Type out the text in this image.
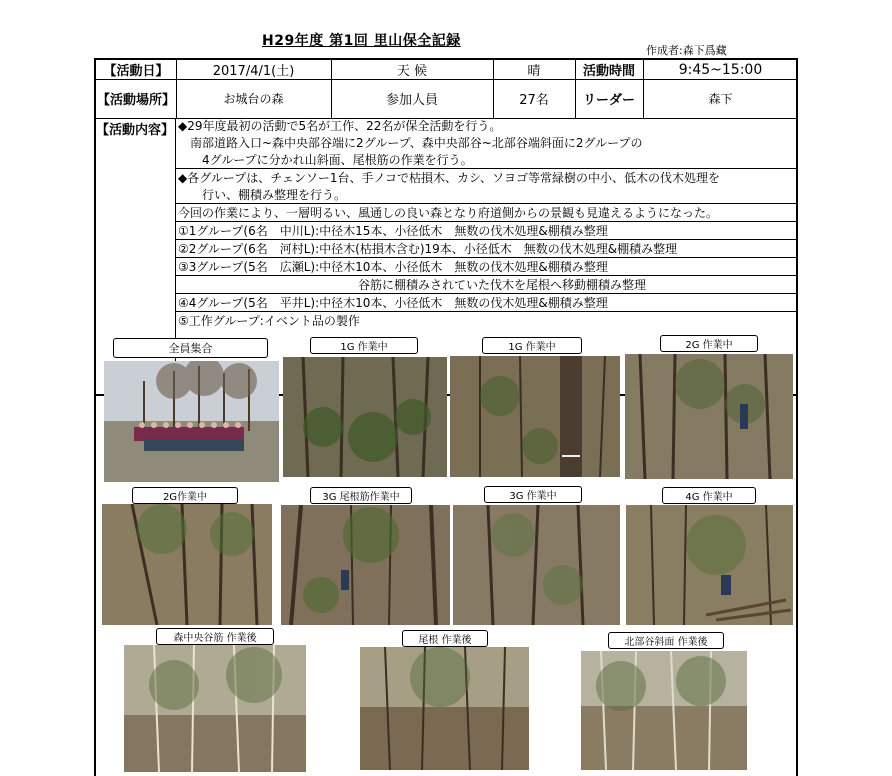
H29年度 第1回 里山保全記録
作成者:森下爲藏
【活動日】	2017/4/1(土)	天 候	晴	活動時間	9:45~15:00
【活動場所】	お城台の森	参加人員	27名	リーダー	森下
【活動内容】 ◆29年度最初の活動で5名が工作、22名が保全活動を行う。
　南部道路入口~森中央部谷端に2グループ、森中央部谷~北部谷端斜面に2グループの
　　4グループに分かれ山斜面、尾根筋の作業を行う。
◆各グループは、チェンソー1台、手ノコで枯損木、カシ、ソヨゴ等常緑樹の中小、低木の伐木処理を
　　行い、棚積み整理を行う。
今回の作業により、一層明るい、風通しの良い森となり府道側からの景観も見違えるようになった。
①1グループ(6名　中川L):中径木15本、小径低木　無数の伐木処理&棚積み整理
②2グループ(6名　河村L):中径木(枯損木含む)19本、小径低木　無数の伐木処理&棚積み整理
③3グループ(5名　広瀬L):中径木10本、小径低木　無数の伐木処理&棚積み整理
　　　　　　　　　　　　　　　谷筋に棚積みされていた伐木を尾根へ移動棚積み整理
④4グループ(5名　平井L):中径木10本、小径低木　無数の伐木処理&棚積み整理
⑤工作グループ:イベント品の製作
全員集合	1G 作業中	1G 作業中	2G 作業中
2G作業中	3G 尾根筋作業中	3G 作業中	4G 作業中
森中央谷筋 作業後	尾根 作業後	北部谷斜面 作業後
